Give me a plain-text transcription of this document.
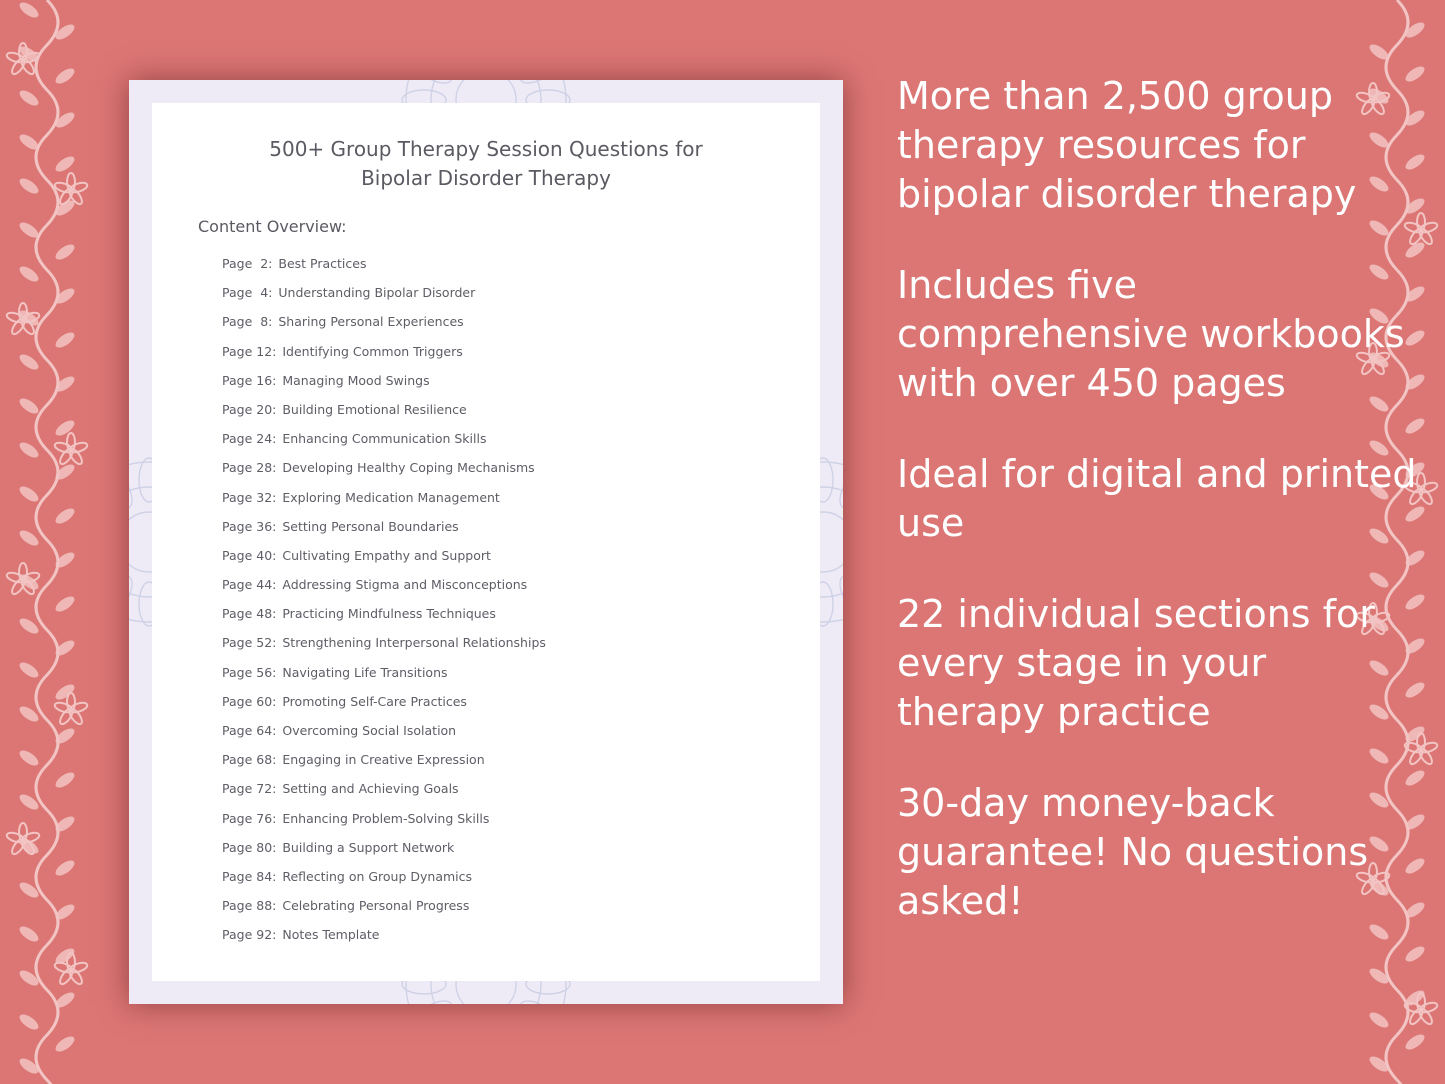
500+ Group Therapy Session Questions for
Bipolar Disorder Therapy

Content Overview:

Page  2: Best Practices
Page  4: Understanding Bipolar Disorder
Page  8: Sharing Personal Experiences
Page 12: Identifying Common Triggers
Page 16: Managing Mood Swings
Page 20: Building Emotional Resilience
Page 24: Enhancing Communication Skills
Page 28: Developing Healthy Coping Mechanisms
Page 32: Exploring Medication Management
Page 36: Setting Personal Boundaries
Page 40: Cultivating Empathy and Support
Page 44: Addressing Stigma and Misconceptions
Page 48: Practicing Mindfulness Techniques
Page 52: Strengthening Interpersonal Relationships
Page 56: Navigating Life Transitions
Page 60: Promoting Self-Care Practices
Page 64: Overcoming Social Isolation
Page 68: Engaging in Creative Expression
Page 72: Setting and Achieving Goals
Page 76: Enhancing Problem-Solving Skills
Page 80: Building a Support Network
Page 84: Reflecting on Group Dynamics
Page 88: Celebrating Personal Progress
Page 92: Notes Template

More than 2,500 group therapy resources for bipolar disorder therapy

Includes five comprehensive workbooks with over 450 pages

Ideal for digital and printed use

22 individual sections for every stage in your therapy practice

30-day money-back guarantee! No questions asked!
